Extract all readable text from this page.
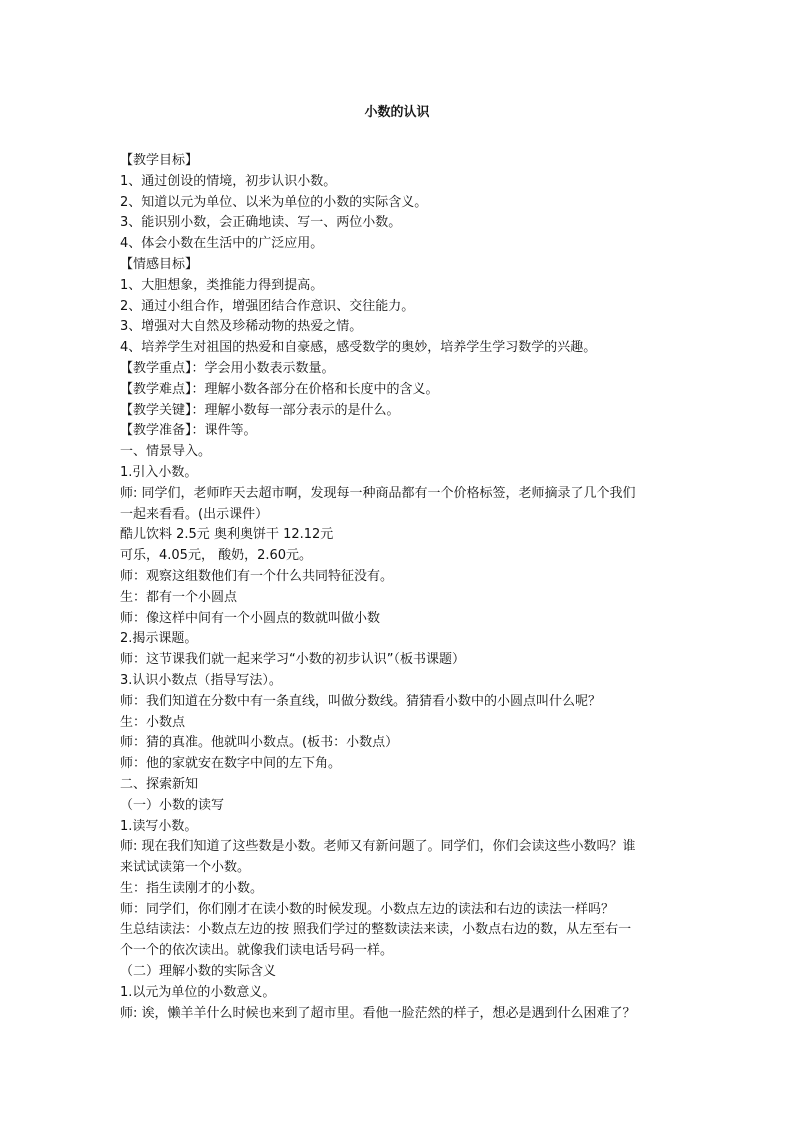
小数的认识

【教学目标】

1、通过创设的情境，初步认识小数。

2、知道以元为单位、以米为单位的小数的实际含义。

3、能识别小数，会正确地读、写一、两位小数。

4、体会小数在生活中的广泛应用。

【情感目标】

1、大胆想象，类推能力得到提高。

2、通过小组合作，增强团结合作意识、交往能力。

3、增强对大自然及珍稀动物的热爱之情。

4、培养学生对祖国的热爱和自豪感，感受数学的奥妙，培养学生学习数学的兴趣。

【教学重点】：学会用小数表示数量。

【教学难点】：理解小数各部分在价格和长度中的含义。

【教学关键】：理解小数每一部分表示的是什么。

【教学准备】：课件等。

一、情景导入。

1.引入小数。

师: 同学们，老师昨天去超市啊，发现每一种商品都有一个价格标签，老师摘录了几个我们

一起来看看。(出示课件）

酷儿饮料 2.5元 奥利奥饼干 12.12元

可乐，4.05元， 酸奶，2.60元。

师：观察这组数他们有一个什么共同特征没有。

生：都有一个小圆点

师：像这样中间有一个小圆点的数就叫做小数

2.揭示课题。

师：这节课我们就一起来学习“小数的初步认识”（板书课题）

3.认识小数点（指导写法）。

师：我们知道在分数中有一条直线，叫做分数线。猜猜看小数中的小圆点叫什么呢？

生：小数点

师：猜的真准。他就叫小数点。(板书：小数点）

师：他的家就安在数字中间的左下角。

二、探索新知

（一）小数的读写

1.读写小数。

师: 现在我们知道了这些数是小数。老师又有新问题了。同学们，你们会读这些小数吗？谁

来试试读第一个小数。

生：指生读刚才的小数。

师：同学们，你们刚才在读小数的时候发现。小数点左边的读法和右边的读法一样吗？

生总结读法：小数点左边的按 照我们学过的整数读法来读，小数点右边的数，从左至右一

个一个的依次读出。就像我们读电话号码一样。

（二）理解小数的实际含义

1.以元为单位的小数意义。

师: 诶，懒羊羊什么时候也来到了超市里。看他一脸茫然的样子，想必是遇到什么困难了？
